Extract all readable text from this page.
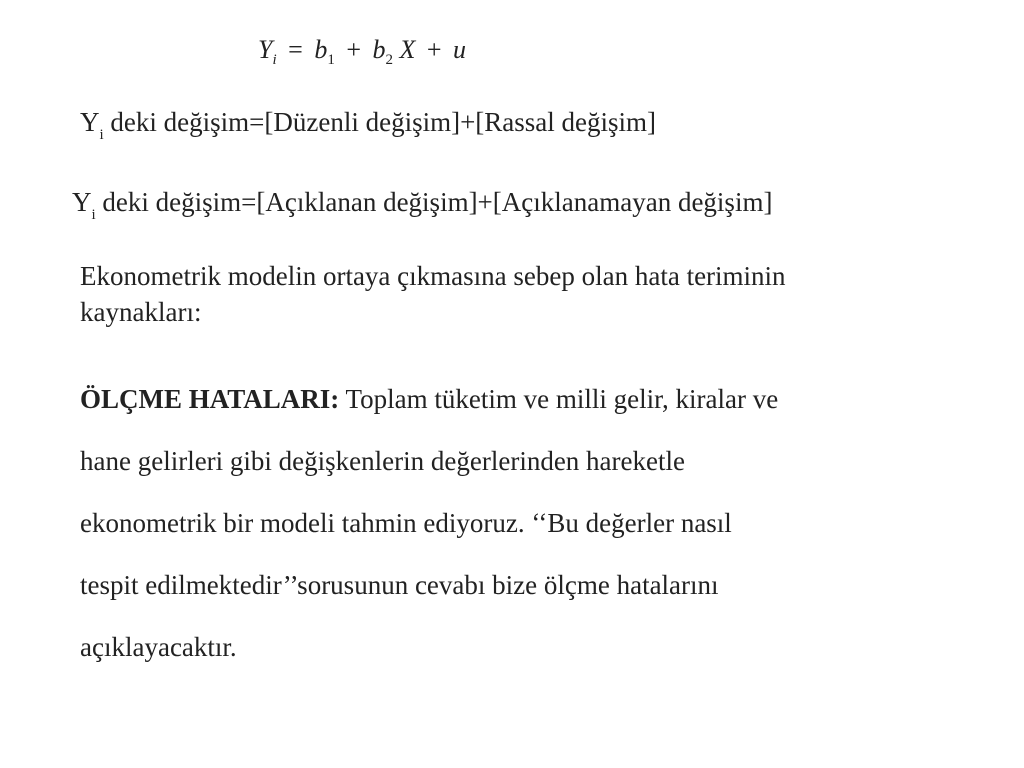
$Y_i = b_1 + b_2$ X + u
$Y_i$ deki değişim=[Düzenli değişim]+[Rassal değişim]
$Y_i$ deki değişim=[Açıklanan değişim]+[Açıklanamayan değişim]
Ekonometrik modelin ortaya çıkmasına sebep olan hata teriminin
kaynakları:
ÖLÇME HATALARI: Toplam tüketim ve milli gelir, kiralar ve
hane gelirleri gibi değişkenlerin değerlerinden hareketle
ekonometrik bir modeli tahmin ediyoruz. ‘‘Bu değerler nasıl
tespit edilmektedir’’sorusunun cevabı bize ölçme hatalarını
açıklayacaktır.
